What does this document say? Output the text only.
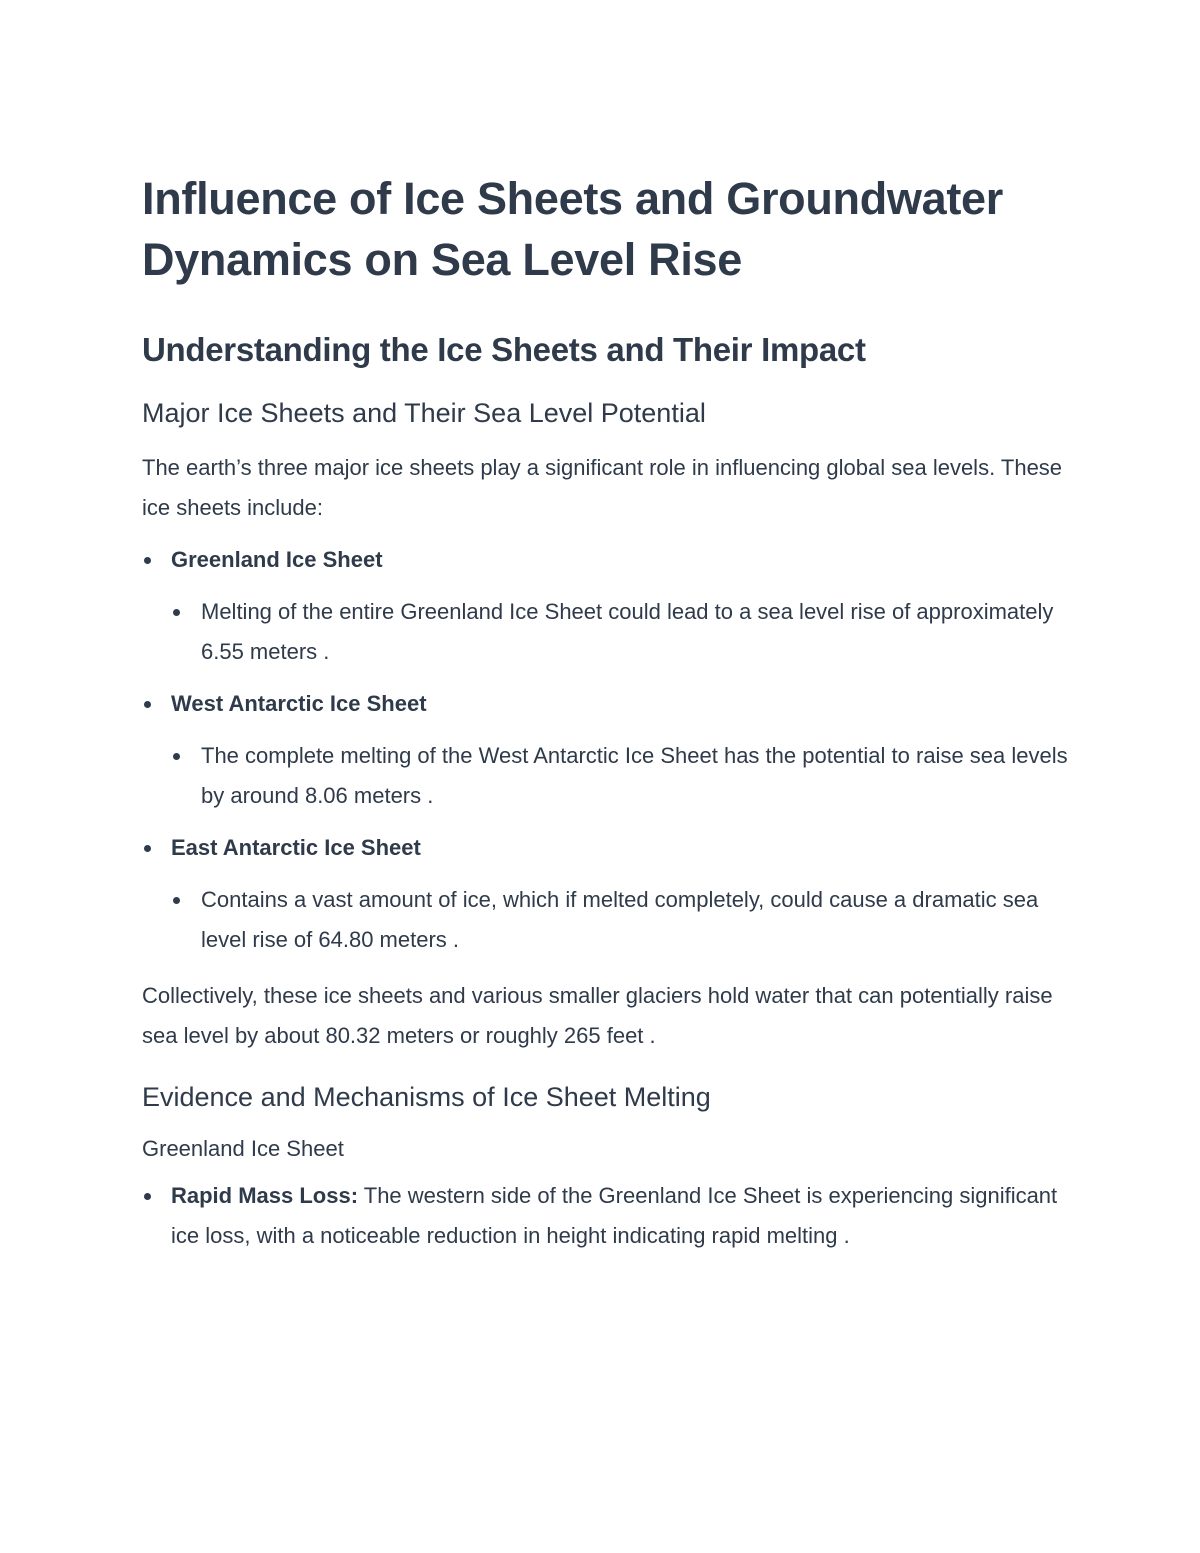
Influence of Ice Sheets and Groundwater Dynamics on Sea Level Rise
Understanding the Ice Sheets and Their Impact
Major Ice Sheets and Their Sea Level Potential

The earth’s three major ice sheets play a significant role in influencing global sea levels. These ice sheets include:

Greenland Ice Sheet
Melting of the entire Greenland Ice Sheet could lead to a sea level rise of approximately 6.55 meters .
West Antarctic Ice Sheet
The complete melting of the West Antarctic Ice Sheet has the potential to raise sea levels by around 8.06 meters .
East Antarctic Ice Sheet
Contains a vast amount of ice, which if melted completely, could cause a dramatic sea level rise of 64.80 meters .

Collectively, these ice sheets and various smaller glaciers hold water that can potentially raise sea level by about 80.32 meters or roughly 265 feet .

Evidence and Mechanisms of Ice Sheet Melting
Greenland Ice Sheet
Rapid Mass Loss: The western side of the Greenland Ice Sheet is experiencing significant ice loss, with a noticeable reduction in height indicating rapid melting .
